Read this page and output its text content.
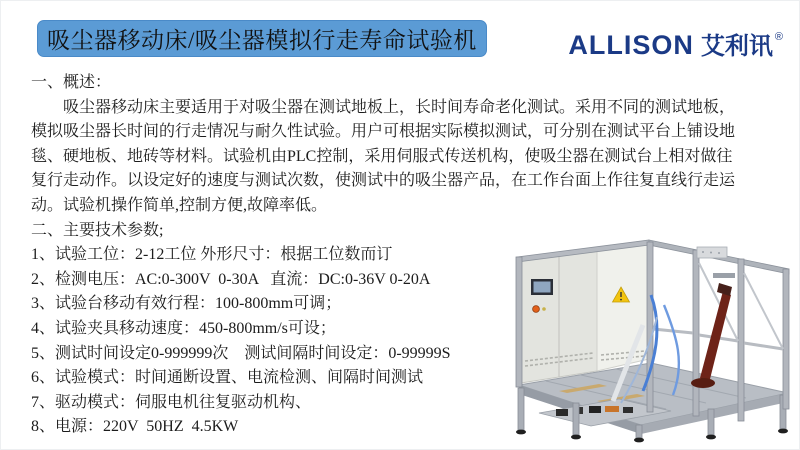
吸尘器移动床/吸尘器模拟行走寿命试验机	ALLISON 艾利讯 ®
一、概述：
吸尘器移动床主要适用于对吸尘器在测试地板上，长时间寿命老化测试。采用不同的测试地板，
模拟吸尘器长时间的行走情况与耐久性试验。用户可根据实际模拟测试，可分别在测试平台上铺设地
毯、硬地板、地砖等材料。试验机由PLC控制，采用伺服式传送机构，使吸尘器在测试台上相对做往
复行走动作。以设定好的速度与测试次数，使测试中的吸尘器产品，在工作台面上作往复直线行走运
动。试验机操作简单,控制方便,故障率低。
二、主要技术参数;
1、试验工位：2-12工位 外形尺寸：根据工位数而订
2、检测电压：AC:0-300V  0-30A   直流：DC:0-36V 0-20A
3、试验台移动有效行程：100-800mm可调；
4、试验夹具移动速度：450-800mm/s可设；
5、测试时间设定0-999999次    测试间隔时间设定：0-99999S
6、试验模式：时间通断设置、电流检测、间隔时间测试
7、驱动模式：伺服电机往复驱动机构、
8、电源：220V  50HZ  4.5KW
